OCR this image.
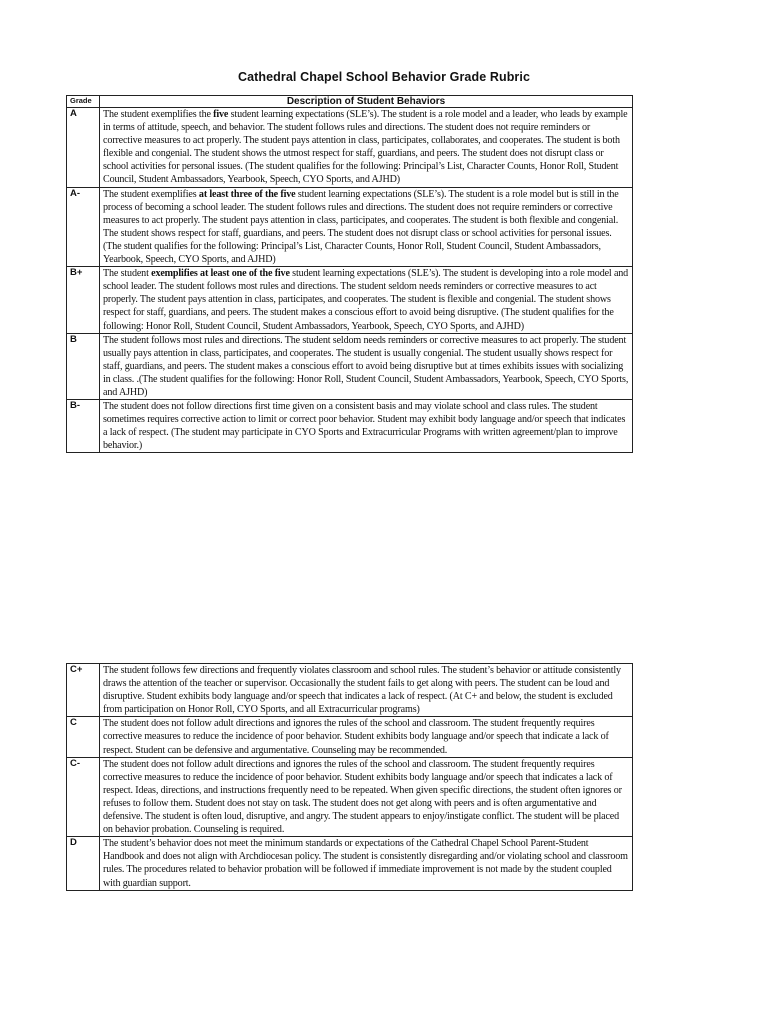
Cathedral Chapel School Behavior Grade Rubric
Grade	Description of Student Behaviors
A	The student exemplifies the five student learning expectations (SLE’s). The student is a role model and a leader, who leads by example in terms of attitude, speech, and behavior. The student follows rules and directions. The student does not require reminders or corrective measures to act properly. The student pays attention in class, participates, collaborates, and cooperates. The student is both flexible and congenial. The student shows the utmost respect for staff, guardians, and peers. The student does not disrupt class or school activities for personal issues. (The student qualifies for the following: Principal’s List, Character Counts, Honor Roll, Student Council, Student Ambassadors, Yearbook, Speech, CYO Sports, and AJHD)
A-	The student exemplifies at least three of the five student learning expectations (SLE’s). The student is a role model but is still in the process of becoming a school leader. The student follows rules and directions. The student does not require reminders or corrective measures to act properly. The student pays attention in class, participates, and cooperates. The student is both flexible and congenial. The student shows respect for staff, guardians, and peers. The student does not disrupt class or school activities for personal issues. (The student qualifies for the following: Principal’s List, Character Counts, Honor Roll, Student Council, Student Ambassadors, Yearbook, Speech, CYO Sports, and AJHD)
B+	The student exemplifies at least one of the five student learning expectations (SLE’s). The student is developing into a role model and school leader. The student follows most rules and directions. The student seldom needs reminders or corrective measures to act properly. The student pays attention in class, participates, and cooperates. The student is flexible and congenial. The student shows respect for staff, guardians, and peers. The student makes a conscious effort to avoid being disruptive. (The student qualifies for the following: Honor Roll, Student Council, Student Ambassadors, Yearbook, Speech, CYO Sports, and AJHD)
B	The student follows most rules and directions. The student seldom needs reminders or corrective measures to act properly. The student usually pays attention in class, participates, and cooperates. The student is usually congenial. The student usually shows respect for staff, guardians, and peers. The student makes a conscious effort to avoid being disruptive but at times exhibits issues with socializing in class. .(The student qualifies for the following: Honor Roll, Student Council, Student Ambassadors, Yearbook, Speech, CYO Sports, and AJHD)
B-	The student does not follow directions first time given on a consistent basis and may violate school and class rules. The student sometimes requires corrective action to limit or correct poor behavior. Student may exhibit body language and/or speech that indicates a lack of respect. (The student may participate in CYO Sports and Extracurricular Programs with written agreement/plan to improve behavior.)
C+	The student follows few directions and frequently violates classroom and school rules. The student’s behavior or attitude consistently draws the attention of the teacher or supervisor. Occasionally the student fails to get along with peers. The student can be loud and disruptive. Student exhibits body language and/or speech that indicates a lack of respect. (At C+ and below, the student is excluded from participation on Honor Roll, CYO Sports, and all Extracurricular programs)
C	The student does not follow adult directions and ignores the rules of the school and classroom. The student frequently requires corrective measures to reduce the incidence of poor behavior. Student exhibits body language and/or speech that indicate a lack of respect. Student can be defensive and argumentative. Counseling may be recommended.
C-	The student does not follow adult directions and ignores the rules of the school and classroom. The student frequently requires corrective measures to reduce the incidence of poor behavior. Student exhibits body language and/or speech that indicates a lack of respect. Ideas, directions, and instructions frequently need to be repeated. When given specific directions, the student often ignores or refuses to follow them. Student does not stay on task. The student does not get along with peers and is often argumentative and defensive. The student is often loud, disruptive, and angry. The student appears to enjoy/instigate conflict. The student will be placed on behavior probation. Counseling is required.
D	The student’s behavior does not meet the minimum standards or expectations of the Cathedral Chapel School Parent-Student Handbook and does not align with Archdiocesan policy. The student is consistently disregarding and/or violating school and classroom rules. The procedures related to behavior probation will be followed if immediate improvement is not made by the student coupled with guardian support.
